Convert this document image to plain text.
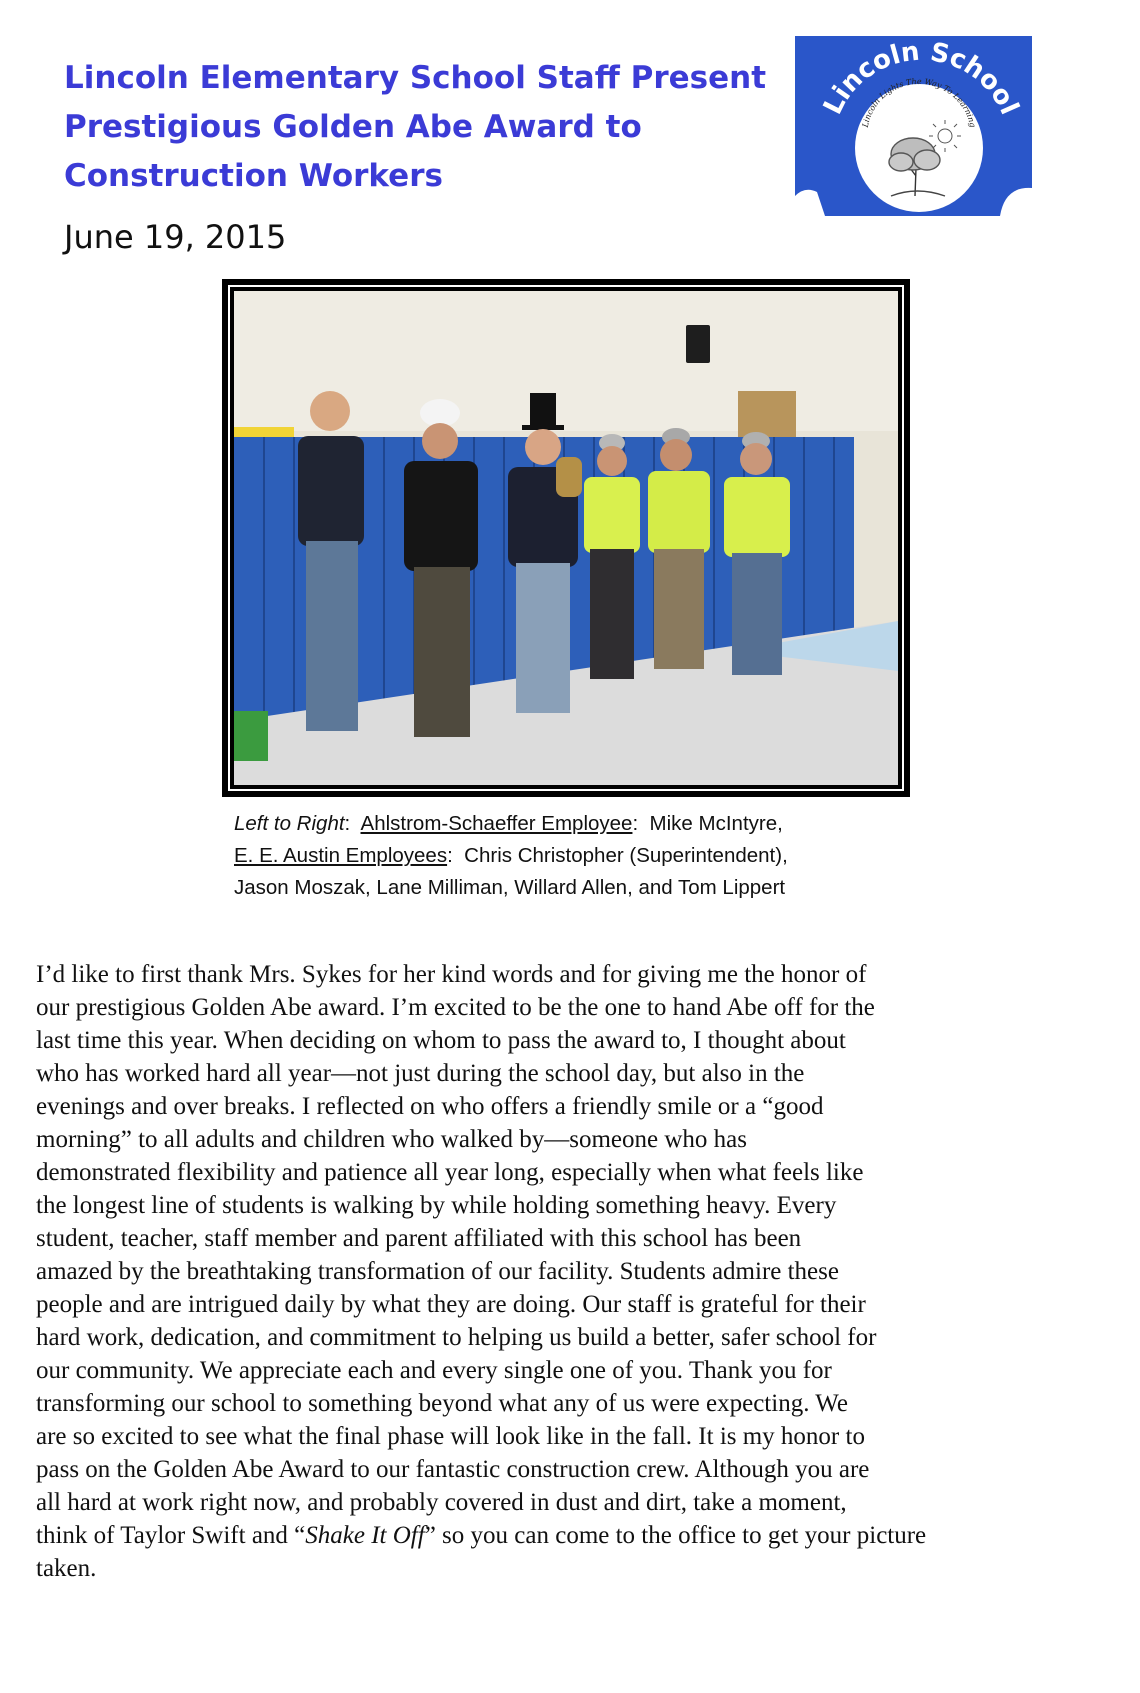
Lincoln Elementary School Staff Present
Prestigious Golden Abe Award to
Construction Workers
June 19, 2015
Lincoln School
Lincoln Lights The Way To Learning
Left to Right:  Ahlstrom-Schaeffer Employee:  Mike McIntyre,
E. E. Austin Employees:  Chris Christopher (Superintendent),
Jason Moszak, Lane Milliman, Willard Allen, and Tom Lippert
I’d like to first thank Mrs. Sykes for her kind words and for giving me the honor of
our prestigious Golden Abe award. I’m excited to be the one to hand Abe off for the
last time this year. When deciding on whom to pass the award to, I thought about
who has worked hard all year—not just during the school day, but also in the
evenings and over breaks. I reflected on who offers a friendly smile or a “good
morning” to all adults and children who walked by—someone who has
demonstrated flexibility and patience all year long, especially when what feels like
the longest line of students is walking by while holding something heavy. Every
student, teacher, staff member and parent affiliated with this school has been
amazed by the breathtaking transformation of our facility. Students admire these
people and are intrigued daily by what they are doing. Our staff is grateful for their
hard work, dedication, and commitment to helping us build a better, safer school for
our community. We appreciate each and every single one of you. Thank you for
transforming our school to something beyond what any of us were expecting. We
are so excited to see what the final phase will look like in the fall. It is my honor to
pass on the Golden Abe Award to our fantastic construction crew. Although you are
all hard at work right now, and probably covered in dust and dirt, take a moment,
think of Taylor Swift and “Shake It Off” so you can come to the office to get your picture
taken.
